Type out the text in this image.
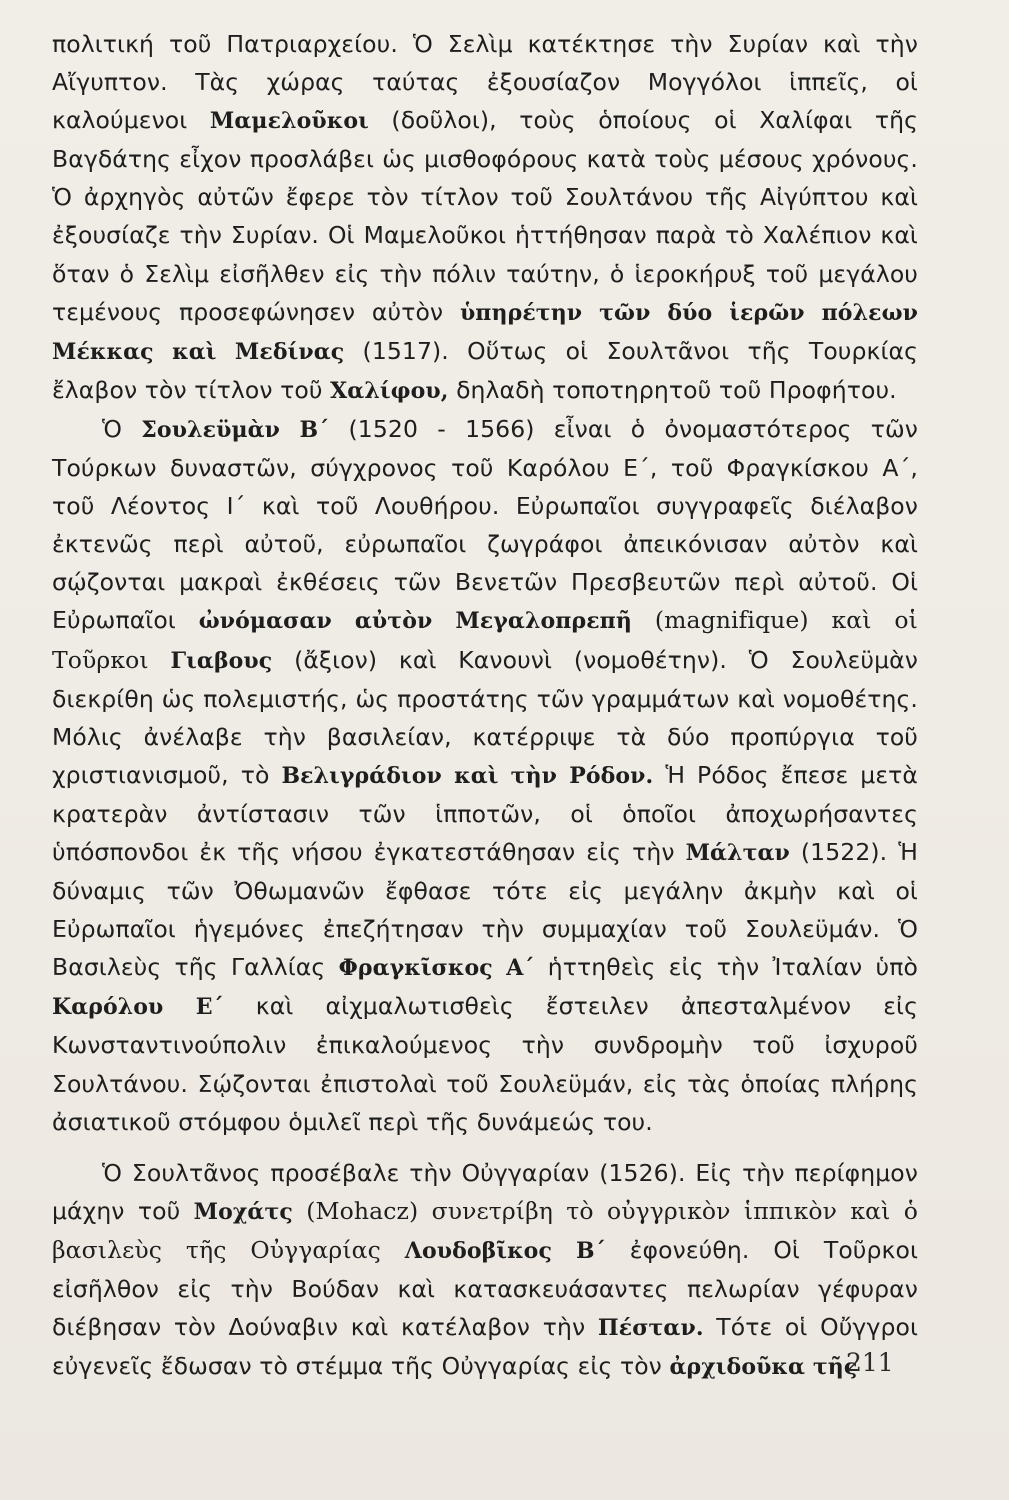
πολιτική τοῦ Πατριαρχείου. Ὁ Σελὶμ κατέκτησε τὴν Συρίαν καὶ τὴν Αἴγυπτον. Τὰς χώρας ταύτας ἐξουσίαζον Μογγόλοι ἱππεῖς, οἱ καλούμενοι Μαμελοῦκοι (δοῦλοι), τοὺς ὁποίους οἱ Χαλίφαι τῆς Βαγδάτης εἶχον προσλάβει ὡς μισθοφόρους κατὰ τοὺς μέσους χρόνους. Ὁ ἀρχηγὸς αὐτῶν ἔφερε τὸν τίτλον τοῦ Σουλτάνου τῆς Αἰγύπτου καὶ ἐξουσίαζε τὴν Συρίαν. Οἱ Μαμελοῦκοι ἡττήθησαν παρὰ τὸ Χαλέπιον καὶ ὅταν ὁ Σελὶμ εἰσῆλθεν εἰς τὴν πόλιν ταύτην, ὁ ἱεροκήρυξ τοῦ μεγάλου τεμένους προσεφώνησεν αὐτὸν ὑπηρέτην τῶν δύο ἱερῶν πόλεων Μέκκας καὶ Μεδίνας (1517). Οὕτως οἱ Σουλτᾶνοι τῆς Τουρκίας ἔλαβον τὸν τίτλον τοῦ Χαλίφου, δηλαδὴ τοποτηρητοῦ τοῦ Προφήτου.

Ὁ Σουλεϋμὰν Β΄ (1520 - 1566) εἶναι ὁ ὀνομαστότερος τῶν Τούρκων δυναστῶν, σύγχρονος τοῦ Καρόλου Ε΄, τοῦ Φραγκίσκου Α΄, τοῦ Λέοντος Ι΄ καὶ τοῦ Λουθήρου. Εὐρωπαῖοι συγγραφεῖς διέλαβον ἐκτενῶς περὶ αὐτοῦ, εὐρωπαῖοι ζωγράφοι ἀπεικόνισαν αὐτὸν καὶ σῴζονται μακραὶ ἐκθέσεις τῶν Βενετῶν Πρεσβευτῶν περὶ αὐτοῦ. Οἱ Εὐρωπαῖοι ὠνόμασαν αὐτὸν Μεγαλοπρεπῆ (magnifique) καὶ οἱ Τοῦρκοι Γιαβους (ἄξιον) καὶ Κανουνὶ (νομοθέτην). Ὁ Σουλεϋμὰν διεκρίθη ὡς πολεμιστής, ὡς προστάτης τῶν γραμμάτων καὶ νομοθέτης. Μόλις ἀνέλαβε τὴν βασιλείαν, κατέρριψε τὰ δύο προπύργια τοῦ χριστιανισμοῦ, τὸ Βελιγράδιον καὶ τὴν Ρόδον. Ἡ Ρόδος ἔπεσε μετὰ κρατερὰν ἀντίστασιν τῶν ἱπποτῶν, οἱ ὁποῖοι ἀποχωρήσαντες ὑπόσπονδοι ἐκ τῆς νήσου ἐγκατεστάθησαν εἰς τὴν Μάλταν (1522). Ἡ δύναμις τῶν Ὀθωμανῶν ἔφθασε τότε εἰς μεγάλην ἀκμὴν καὶ οἱ Εὐρωπαῖοι ἡγεμόνες ἐπεζήτησαν τὴν συμμαχίαν τοῦ Σουλεϋμάν. Ὁ Βασιλεὺς τῆς Γαλλίας Φραγκῖσκος Α΄ ἡττηθεὶς εἰς τὴν Ἰταλίαν ὑπὸ Καρόλου Ε΄ καὶ αἰχμαλωτισθεὶς ἔστειλεν ἀπεσταλμένον εἰς Κωνσταντινούπολιν ἐπικαλούμενος τὴν συνδρομὴν τοῦ ἰσχυροῦ Σουλτάνου. Σῴζονται ἐπιστολαὶ τοῦ Σουλεϋμάν, εἰς τὰς ὁποίας πλήρης ἀσιατικοῦ στόμφου ὁμιλεῖ περὶ τῆς δυνάμεώς του.

Ὁ Σουλτᾶνος προσέβαλε τὴν Οὐγγαρίαν (1526). Εἰς τὴν περίφημον μάχην τοῦ Μοχάτς (Mohacz) συνετρίβη τὸ οὐγγρικὸν ἱππικὸν καὶ ὁ βασιλεὺς τῆς Οὐγγαρίας Λουδοβῖκος Β΄ ἐφονεύθη. Οἱ Τοῦρκοι εἰσῆλθον εἰς τὴν Βούδαν καὶ κατασκευάσαντες πελωρίαν γέφυραν διέβησαν τὸν Δούναβιν καὶ κατέλαβον τὴν Πέσταν. Τότε οἱ Οὔγγροι εὐγενεῖς ἔδωσαν τὸ στέμμα τῆς Οὐγγαρίας εἰς τὸν ἀρχιδοῦκα τῆς

211
